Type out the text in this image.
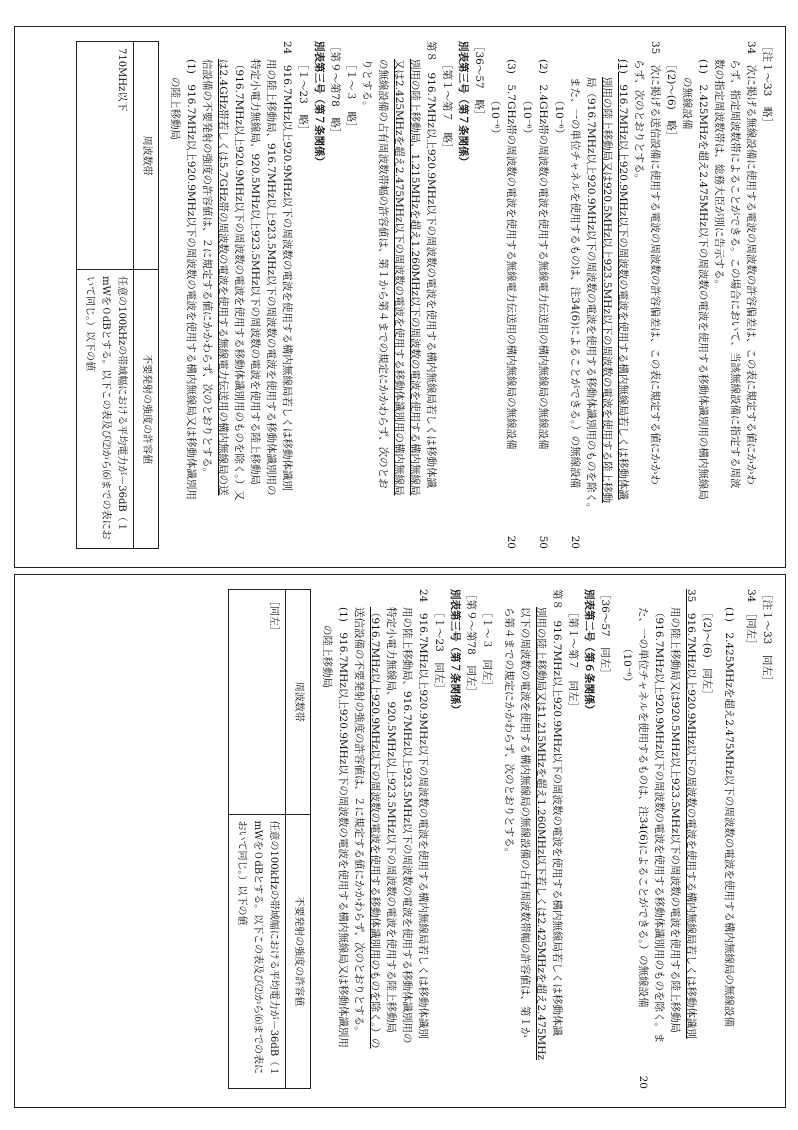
［注１～33　略］
34　次に掲げる無線設備に使用する電波の周波数の許容偏差は、この表に規定する値にかかわ
らず、指定周波数帯によることができる。この場合において、当該無線設備に指定する周波
数の指定周波数帯は、総務大臣が別に告示する。
(1)　2.425MHzを超え2.475MHz以下の周波数の電波を使用する移動体識別用の構内無線局
の無線設備
［(2)～(6)　略］
35　次に掲げる送信設備に使用する電波の周波数の許容偏差は、この表に規定する値にかかわ
らず、次のとおりとする。
(1)　916.7MHz以上920.9MHz以下の周波数の電波を使用する構内無線局若しくは移動体識
別用の陸上移動局又は920.5MHz以上923.5MHz以下の周波数の電波を使用する陸上移動
局（916.7MHz以上920.9MHz以下の周波数の電波を使用する移動体識別用のものを除く。
また、一の単位チャネルを使用するものは、注34(6)によることができる。）の無線設備
20
（10⁻⁶）
(2)　2.4GHz帯の周波数の電波を使用する無線電力伝送用の構内無線局の無線設備
50
（10⁻⁶）
(3)　5.7GHz帯の周波数の電波を使用する無線電力伝送用の構内無線局の無線設備
20
（10⁻⁶）
［36～57　略］
別表第三号（第７条関係）
［第１～第７　略］
第８　916.7MHz以上920.9MHz以下の周波数の電波を使用する構内無線局若しくは移動体識
別用の陸上移動局、1.215MHzを超え1.260MHz以下の周波数の電波を使用する構内無線局
又は2.425MHzを超え2.475MHz以下の周波数の電波を使用する移動体識別用の構内無線局
の無線設備の占有周波数帯幅の許容値は、第１から第４までの規定にかかわらず、次のとお
りとする。
［１～３　略］
［第９～第78　略］
別表第三号（第７条関係）
［１～23　略］
24　916.7MHz以上920.9MHz以下の周波数の電波を使用する構内無線局若しくは移動体識別
用の陸上移動局、916.7MHz以上923.5MHz以下の周波数の電波を使用する移動体識別用の
特定小電力無線局、920.5MHz以上923.5MHz以下の周波数の電波を使用する陸上移動局
（916.7MHz以上920.9MHz以下の周波数の電波を使用する移動体識別用のものを除く。）又
は2.4GHz帯若しくは5.7GHz帯の周波数の電波を使用する無線電力伝送用の構内無線局の送
信設備の不要発射の強度の許容値は、２に規定する値にかかわらず、次のとおりとする。
(1)　916.7MHz以上920.9MHz以下の周波数の電波を使用する構内無線局又は移動体識別用
の陸上移動局
周波数帯	不要発射の強度の許容値
710MHz以下	任意の100kHzの帯域幅における平均電力が－36dB（１mWを０dBとする。以下この表及び⑵から⑹までの表において同じ。）以下の値
［注１～33　同左］
34　［同左］
(1)　2.425MHzを超え2.475MHz以下の周波数の電波を使用する構内無線局の無線設備
［(2)～(6)　同左］
35　916.7MHz以上920.9MHz以下の周波数の電波を使用する構内無線局若しくは移動体識別
用の陸上移動局又は920.5MHz以上923.5MHz以下の周波数の電波を使用する陸上移動局
（916.7MHz以上920.9MHz以下の周波数の電波を使用する移動体識別用のものを除く。ま
た、一の単位チャネルを使用するものは、注34(6)によることができる。）の無線設備
20
（10⁻⁶）
［36～57　同左］
別表第二号（第６条関係）
［第１～第７　同左］
第８　916.7MHz以上920.9MHz以下の周波数の電波を使用する構内無線局若しくは移動体識
別用の陸上移動局又は1.215MHzを超え1.260MHz以下若しくは2.425MHzを超え2.475MHz
以下の周波数の電波を使用する構内無線局の無線設備の占有周波数帯幅の許容値は、第１か
ら第４までの規定にかかわらず、次のとおりとする。
［１～３　同左］
［第９～第78　同左］
別表第三号（第７条関係）
［１～23　同左］
24　916.7MHz以上920.9MHz以下の周波数の電波を使用する構内無線局若しくは移動体識別
用の陸上移動局、916.7MHz以上923.5MHz以下の周波数の電波を使用する移動体識別用の
特定小電力無線局、920.5MHz以上923.5MHz以下の周波数の電波を使用する陸上移動局
（916.7MHz以上920.9MHz以下の周波数の電波を使用する移動体識別用のものを除く。）の
送信設備の不要発射の強度の許容値は、２に規定する値にかかわらず、次のとおりとする。
(1)　916.7MHz以上920.9MHz以下の周波数の電波を使用する構内無線局又は移動体識別用
の陸上移動局
周波数帯	不要発射の強度の許容値
［同左］	任意の100kHzの帯域幅における平均電力が－36dB（１mWを０dBとする。以下この表及び⑵から⑹までの表において同じ。）以下の値
